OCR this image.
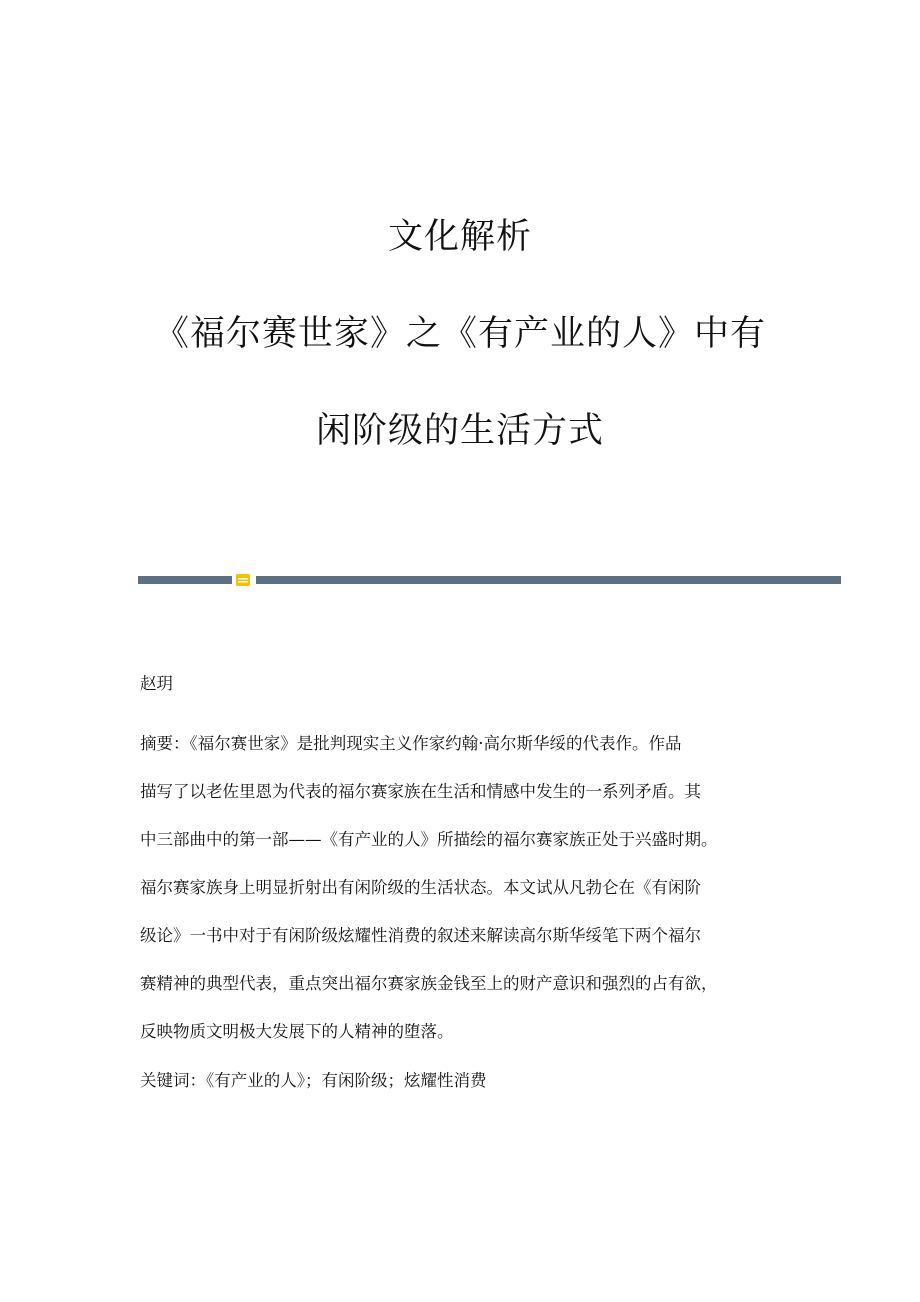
文化解析
《福尔赛世家》之《有产业的人》中有
闲阶级的生活方式

赵玥

摘要：《福尔赛世家》是批判现实主义作家约翰·高尔斯华绥的代表作。作品
描写了以老佐里恩为代表的福尔赛家族在生活和情感中发生的一系列矛盾。其
中三部曲中的第一部——《有产业的人》所描绘的福尔赛家族正处于兴盛时期。
福尔赛家族身上明显折射出有闲阶级的生活状态。本文试从凡勃仑在《有闲阶
级论》一书中对于有闲阶级炫耀性消费的叙述来解读高尔斯华绥笔下两个福尔
赛精神的典型代表，重点突出福尔赛家族金钱至上的财产意识和强烈的占有欲，
反映物质文明极大发展下的人精神的堕落。

关键词：《有产业的人》；有闲阶级；炫耀性消费
